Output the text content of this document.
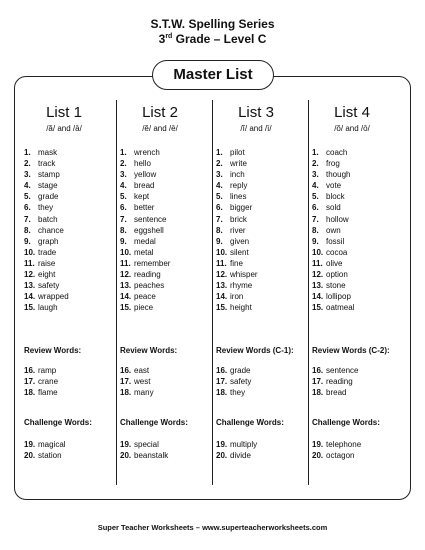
S.T.W. Spelling Series
3rd Grade – Level C
Master List
List 1
/ă/ and /ā/
1. mask
2. track
3. stamp
4. stage
5. grade
6. they
7. batch
8. chance
9. graph
10. trade
11. raise
12. eight
13. safety
14. wrapped
15. laugh
Review Words:
16. ramp
17. crane
18. flame
Challenge Words:
19. magical
20. station
List 2
/ĕ/ and /ē/
1. wrench
2. hello
3. yellow
4. bread
5. kept
6. better
7. sentence
8. eggshell
9. medal
10. metal
11. remember
12. reading
13. peaches
14. peace
15. piece
Review Words:
16. east
17. west
18. many
Challenge Words:
19. special
20. beanstalk
List 3
/ĭ/ and /ī/
1. pilot
2. write
3. inch
4. reply
5. lines
6. bigger
7. brick
8. river
9. given
10. silent
11. fine
12. whisper
13. rhyme
14. iron
15. height
Review Words (C-1):
16. grade
17. safety
18. they
Challenge Words:
19. multiply
20. divide
List 4
/ŏ/ and /ō/
1. coach
2. frog
3. though
4. vote
5. block
6. sold
7. hollow
8. own
9. fossil
10. cocoa
11. olive
12. option
13. stone
14. lollipop
15. oatmeal
Review Words (C-2):
16. sentence
17. reading
18. bread
Challenge Words:
19. telephone
20. octagon
Super Teacher Worksheets – www.superteacherworksheets.com
